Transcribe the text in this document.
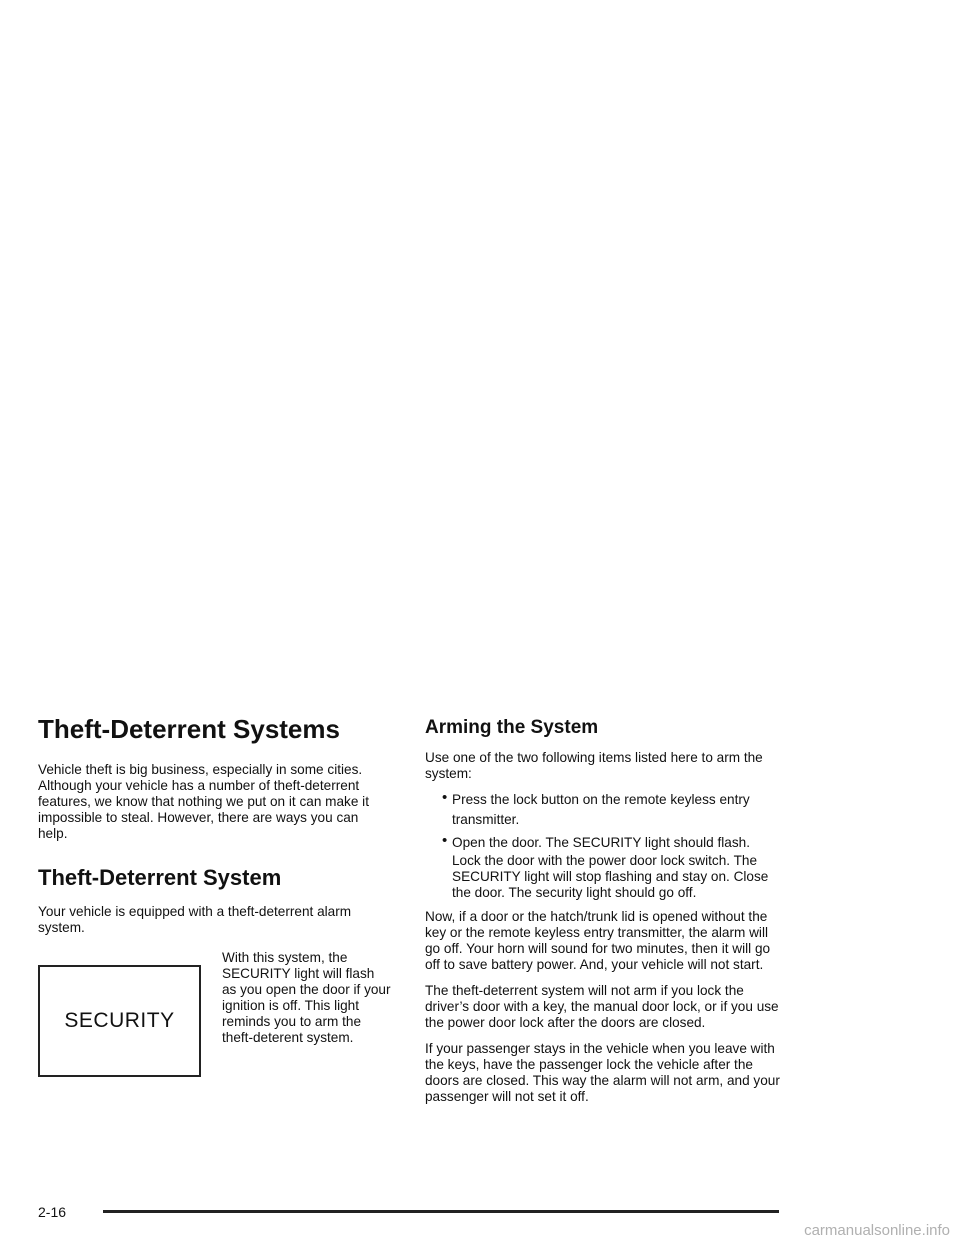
Theft-Deterrent Systems

Vehicle theft is big business, especially in some cities. Although your vehicle has a number of theft-deterrent features, we know that nothing we put on it can make it impossible to steal. However, there are ways you can help.

Theft-Deterrent System

Your vehicle is equipped with a theft-deterrent alarm system.

SECURITY

With this system, the SECURITY light will flash as you open the door if your ignition is off. This light reminds you to arm the theft-deterent system.

Arming the System

Use one of the two following items listed here to arm the system:

• Press the lock button on the remote keyless entry
transmitter.
• Open the door. The SECURITY light should flash.
Lock the door with the power door lock switch. The SECURITY light will stop flashing and stay on. Close the door. The security light should go off.

Now, if a door or the hatch/trunk lid is opened without the key or the remote keyless entry transmitter, the alarm will go off. Your horn will sound for two minutes, then it will go off to save battery power. And, your vehicle will not start.

The theft-deterrent system will not arm if you lock the driver’s door with a key, the manual door lock, or if you use the power door lock after the doors are closed.

If your passenger stays in the vehicle when you leave with the keys, have the passenger lock the vehicle after the doors are closed. This way the alarm will not arm, and your passenger will not set it off.

2-16
carmanualsonline.info
